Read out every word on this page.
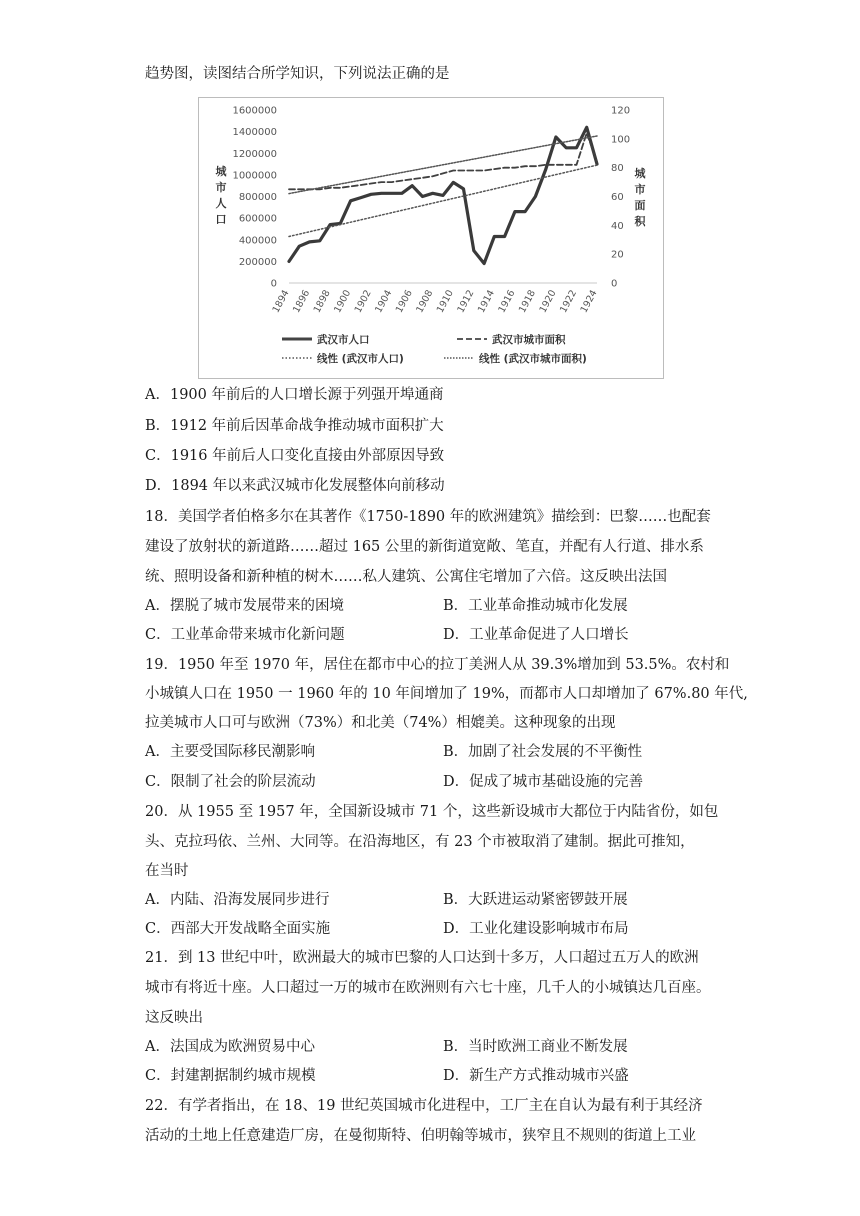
趋势图，读图结合所学知识，下列说法正确的是
1600000
1400000
1200000
1000000
800000
600000
400000
200000
0
120
100
80
60
40
20
0
1894 1896 1898 1900 1902 1904 1906 1908 1910 1912 1914 1916 1918 1920 1922 1924
城
市
人
口
城
市
面
积
武汉市人口	武汉市城市面积
线性 (武汉市人口)	线性 (武汉市城市面积)
A．1900 年前后的人口增长源于列强开埠通商
B．1912 年前后因革命战争推动城市面积扩大
C．1916 年前后人口变化直接由外部原因导致
D．1894 年以来武汉城市化发展整体向前移动
18．美国学者伯格多尔在其著作《1750-1890 年的欧洲建筑》描绘到：巴黎……也配套
建设了放射状的新道路……超过 165 公里的新街道宽敞、笔直，并配有人行道、排水系
统、照明设备和新种植的树木……私人建筑、公寓住宅增加了六倍。这反映出法国
A．摆脱了城市发展带来的困境	B．工业革命推动城市化发展
C．工业革命带来城市化新问题	D．工业革命促进了人口增长
19．1950 年至 1970 年，居住在都市中心的拉丁美洲人从 39.3%增加到 53.5%。农村和
小城镇人口在 1950 一 1960 年的 10 年间增加了 19%，而都市人口却增加了 67%.80 年代,
拉美城市人口可与欧洲（73%）和北美（74%）相媲美。这种现象的出现
A．主要受国际移民潮影响	B．加剧了社会发展的不平衡性
C．限制了社会的阶层流动	D．促成了城市基础设施的完善
20．从 1955 至 1957 年，全国新设城市 71 个，这些新设城市大都位于内陆省份，如包
头、克拉玛依、兰州、大同等。在沿海地区，有 23 个市被取消了建制。据此可推知，
在当时
A．内陆、沿海发展同步进行	B．大跃进运动紧密锣鼓开展
C．西部大开发战略全面实施	D．工业化建设影响城市布局
21．到 13 世纪中叶，欧洲最大的城市巴黎的人口达到十多万，人口超过五万人的欧洲
城市有将近十座。人口超过一万的城市在欧洲则有六七十座，几千人的小城镇达几百座。
这反映出
A．法国成为欧洲贸易中心	B．当时欧洲工商业不断发展
C．封建割据制约城市规模	D．新生产方式推动城市兴盛
22．有学者指出，在 18、19 世纪英国城市化进程中，工厂主在自认为最有利于其经济
活动的土地上任意建造厂房，在曼彻斯特、伯明翰等城市，狭窄且不规则的街道上工业
